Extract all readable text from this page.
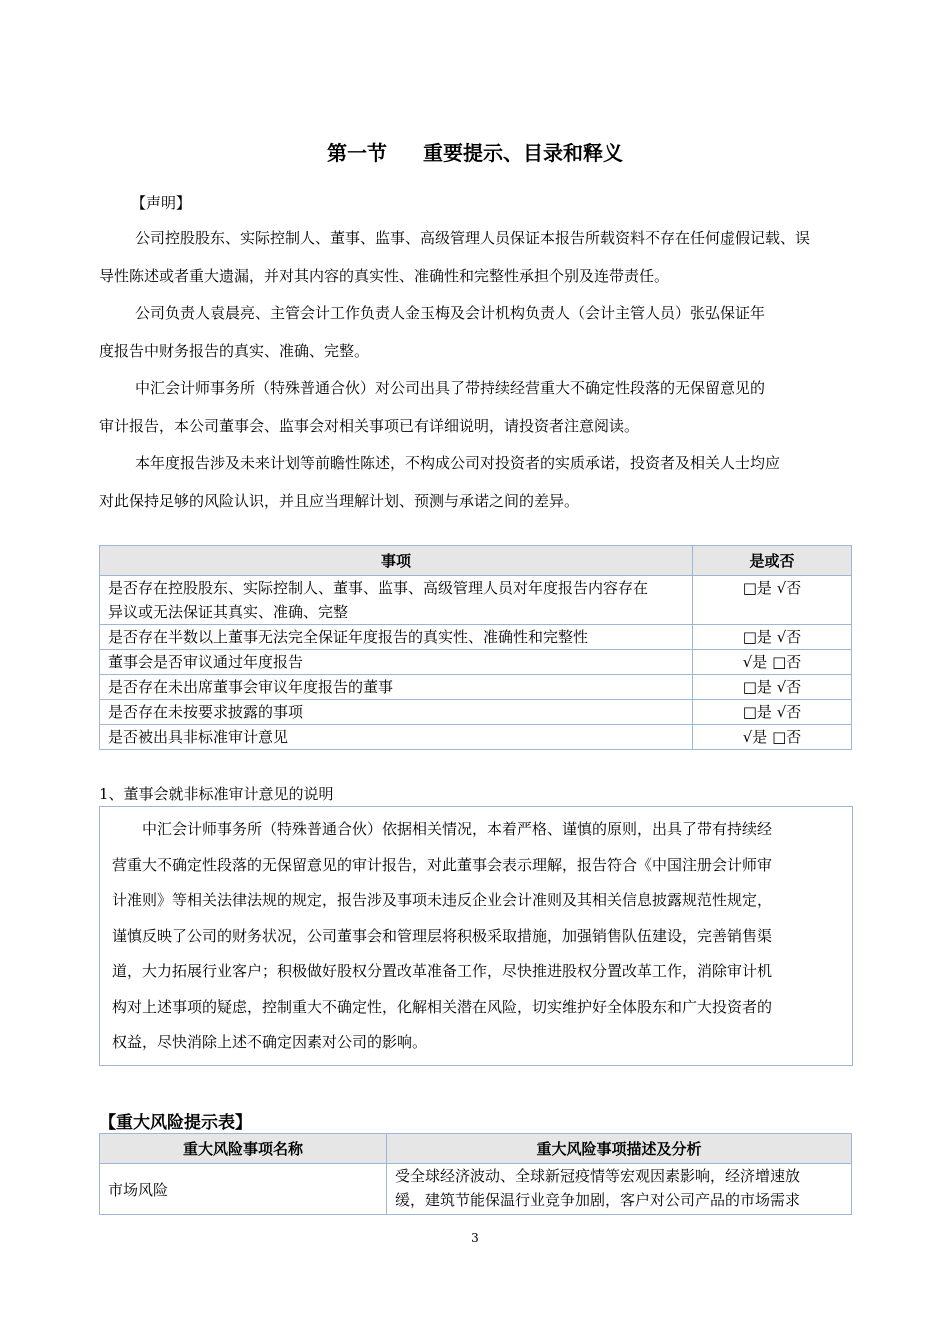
第一节 重要提示、目录和释义
【声明】
公司控股股东、实际控制人、董事、监事、高级管理人员保证本报告所载资料不存在任何虚假记载、误
导性陈述或者重大遗漏，并对其内容的真实性、准确性和完整性承担个别及连带责任。
公司负责人袁晨亮、主管会计工作负责人金玉梅及会计机构负责人（会计主管人员）张弘保证年
度报告中财务报告的真实、准确、完整。
中汇会计师事务所（特殊普通合伙）对公司出具了带持续经营重大不确定性段落的无保留意见的
审计报告，本公司董事会、监事会对相关事项已有详细说明，请投资者注意阅读。
本年度报告涉及未来计划等前瞻性陈述，不构成公司对投资者的实质承诺，投资者及相关人士均应
对此保持足够的风险认识，并且应当理解计划、预测与承诺之间的差异。
事项	是或否

是否存在控股股东、实际控制人、董事、监事、高级管理人员对年度报告内容存在
异议或无法保证其真实、准确、完整	□是 √否
是否存在半数以上董事无法完全保证年度报告的真实性、准确性和完整性	□是 √否
董事会是否审议通过年度报告	√是 □否
是否存在未出席董事会审议年度报告的董事	□是 √否
是否存在未按要求披露的事项	□是 √否
是否被出具非标准审计意见	√是 □否
1、董事会就非标准审计意见的说明
中汇会计师事务所（特殊普通合伙）依据相关情况，本着严格、谨慎的原则，出具了带有持续经
营重大不确定性段落的无保留意见的审计报告，对此董事会表示理解，报告符合《中国注册会计师审
计准则》等相关法律法规的规定，报告涉及事项未违反企业会计准则及其相关信息披露规范性规定，
谨慎反映了公司的财务状况，公司董事会和管理层将积极采取措施，加强销售队伍建设，完善销售渠
道，大力拓展行业客户；积极做好股权分置改革准备工作，尽快推进股权分置改革工作，消除审计机
构对上述事项的疑虑，控制重大不确定性，化解相关潜在风险，切实维护好全体股东和广大投资者的
权益，尽快消除上述不确定因素对公司的影响。
【重大风险提示表】
重大风险事项名称	重大风险事项描述及分析
市场风险	受全球经济波动、全球新冠疫情等宏观因素影响，经济增速放
缓，建筑节能保温行业竞争加剧，客户对公司产品的市场需求
3
